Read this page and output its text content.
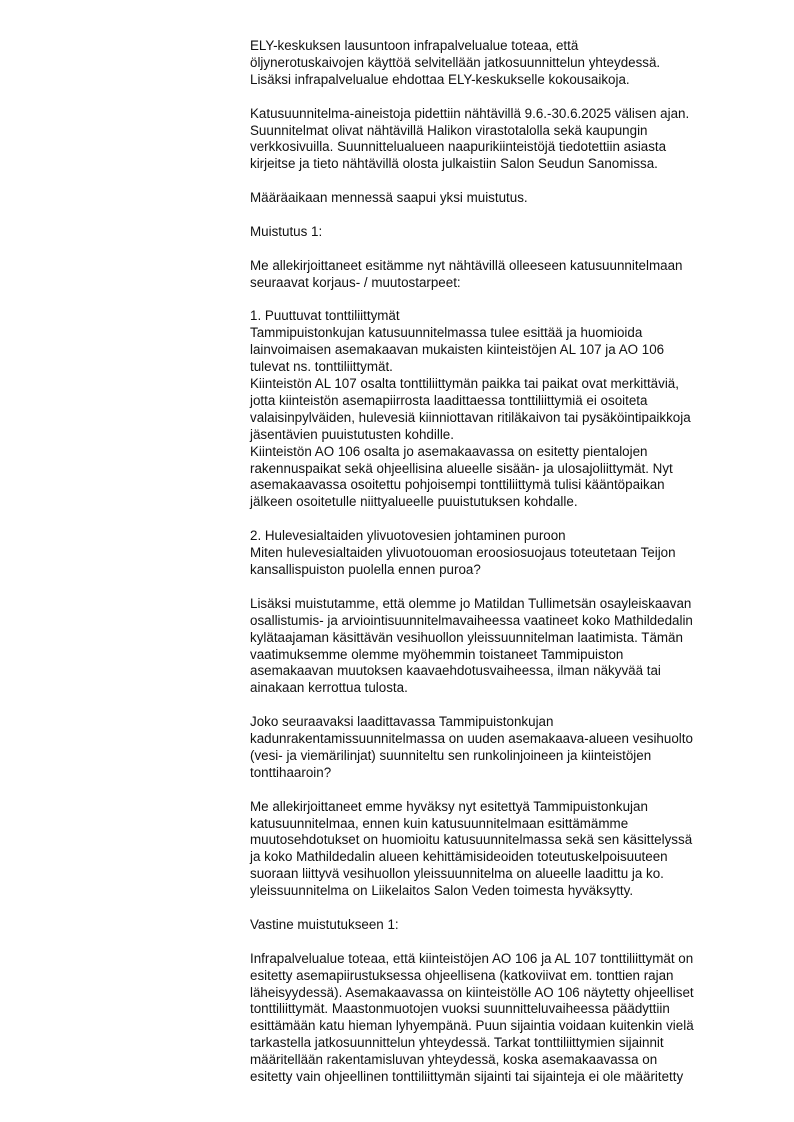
ELY-keskuksen lausuntoon infrapalvelualue toteaa, että
öljynerotuskaivojen käyttöä selvitellään jatkosuunnittelun yhteydessä.
Lisäksi infrapalvelualue ehdottaa ELY-keskukselle kokousaikoja.

Katusuunnitelma-aineistoja pidettiin nähtävillä 9.6.-30.6.2025 välisen ajan.
Suunnitelmat olivat nähtävillä Halikon virastotalolla sekä kaupungin
verkkosivuilla. Suunnittelualueen naapurikiinteistöjä tiedotettiin asiasta
kirjeitse ja tieto nähtävillä olosta julkaistiin Salon Seudun Sanomissa.

Määräaikaan mennessä saapui yksi muistutus.

Muistutus 1:

Me allekirjoittaneet esitämme nyt nähtävillä olleeseen katusuunnitelmaan
seuraavat korjaus- / muutostarpeet:

1. Puuttuvat tonttiliittymät
Tammipuistonkujan katusuunnitelmassa tulee esittää ja huomioida
lainvoimaisen asemakaavan mukaisten kiinteistöjen AL 107 ja AO 106
tulevat ns. tonttiliittymät.
Kiinteistön AL 107 osalta tonttiliittymän paikka tai paikat ovat merkittäviä,
jotta kiinteistön asemapiirrosta laadittaessa tonttiliittymiä ei osoiteta
valaisinpylväiden, hulevesiä kiinniottavan ritiläkaivon tai pysäköintipaikkoja
jäsentävien puuistutusten kohdille.
Kiinteistön AO 106 osalta jo asemakaavassa on esitetty pientalojen
rakennuspaikat sekä ohjeellisina alueelle sisään- ja ulosajoliittymät. Nyt
asemakaavassa osoitettu pohjoisempi tonttiliittymä tulisi kääntöpaikan
jälkeen osoitetulle niittyalueelle puuistutuksen kohdalle.

2. Hulevesialtaiden ylivuotovesien johtaminen puroon
Miten hulevesialtaiden ylivuotouoman eroosiosuojaus toteutetaan Teijon
kansallispuiston puolella ennen puroa?

Lisäksi muistutamme, että olemme jo Matildan Tullimetsän osayleiskaavan
osallistumis- ja arviointisuunnitelmavaiheessa vaatineet koko Mathildedalin
kylätaajaman käsittävän vesihuollon yleissuunnitelman laatimista. Tämän
vaatimuksemme olemme myöhemmin toistaneet Tammipuiston
asemakaavan muutoksen kaavaehdotusvaiheessa, ilman näkyvää tai
ainakaan kerrottua tulosta.

Joko seuraavaksi laadittavassa Tammipuistonkujan
kadunrakentamissuunnitelmassa on uuden asemakaava-alueen vesihuolto
(vesi- ja viemärilinjat) suunniteltu sen runkolinjoineen ja kiinteistöjen
tonttihaaroin?

Me allekirjoittaneet emme hyväksy nyt esitettyä Tammipuistonkujan
katusuunnitelmaa, ennen kuin katusuunnitelmaan esittämämme
muutosehdotukset on huomioitu katusuunnitelmassa sekä sen käsittelyssä
ja koko Mathildedalin alueen kehittämisideoiden toteutuskelpoisuuteen
suoraan liittyvä vesihuollon yleissuunnitelma on alueelle laadittu ja ko.
yleissuunnitelma on Liikelaitos Salon Veden toimesta hyväksytty.

Vastine muistutukseen 1:

Infrapalvelualue toteaa, että kiinteistöjen AO 106 ja AL 107 tonttiliittymät on
esitetty asemapiirustuksessa ohjeellisena (katkoviivat em. tonttien rajan
läheisyydessä). Asemakaavassa on kiinteistölle AO 106 näytetty ohjeelliset
tonttiliittymät. Maastonmuotojen vuoksi suunnitteluvaiheessa päädyttiin
esittämään katu hieman lyhyempänä. Puun sijaintia voidaan kuitenkin vielä
tarkastella jatkosuunnittelun yhteydessä. Tarkat tonttiliittymien sijainnit
määritellään rakentamisluvan yhteydessä, koska asemakaavassa on
esitetty vain ohjeellinen tonttiliittymän sijainti tai sijainteja ei ole määritetty
